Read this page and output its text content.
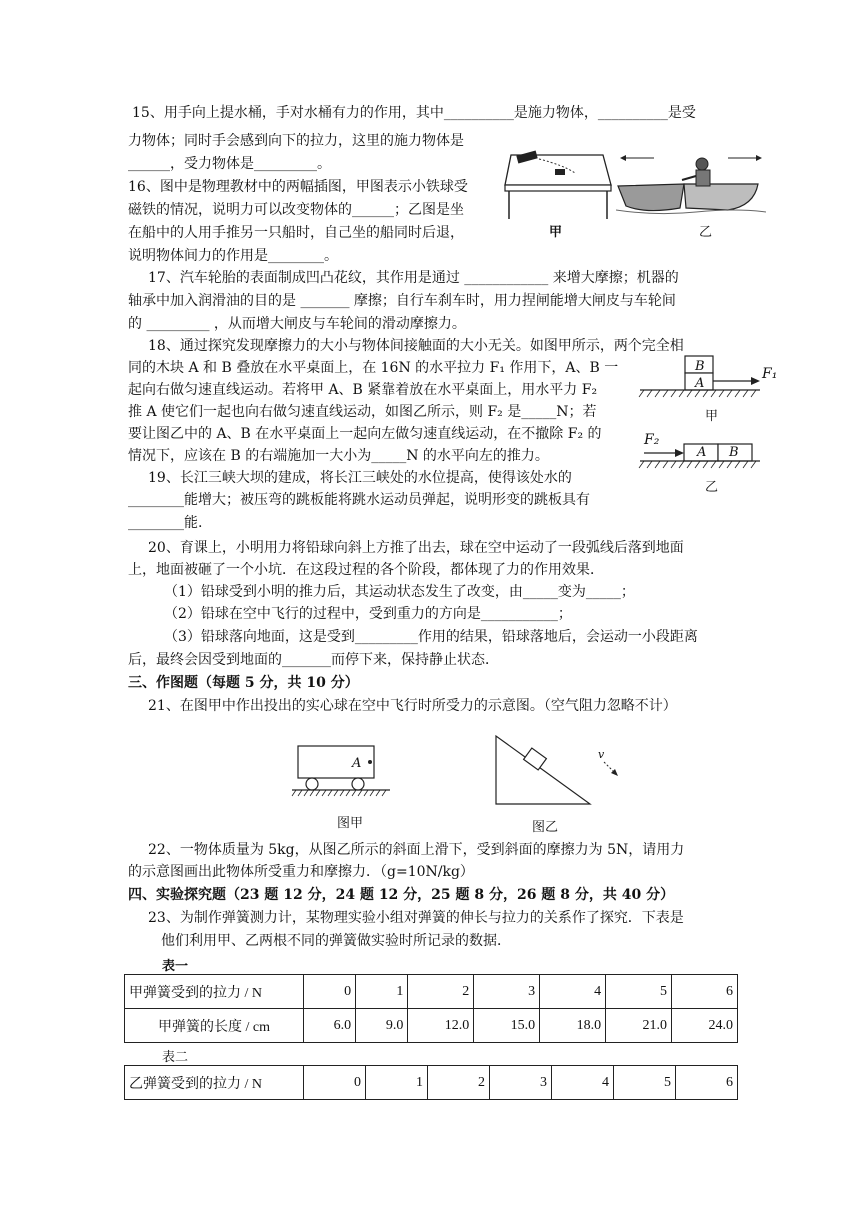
15、用手向上提水桶，手对水桶有力的作用，其中__________是施力物体，__________是受
力物体；同时手会感到向下的拉力，这里的施力物体是
______，受力物体是_________。
16、图中是物理教材中的两幅插图，甲图表示小铁球受
磁铁的情况，说明力可以改变物体的______；乙图是坐
在船中的人用手推另一只船时，自己坐的船同时后退，
说明物体间力的作用是________。
甲	乙
17、汽车轮胎的表面制成凹凸花纹，其作用是通过 ____________ 来增大摩擦；机器的
轴承中加入润滑油的目的是 _______ 摩擦；自行车刹车时，用力捏闸能增大闸皮与车轮间
的 _________ ，从而增大闸皮与车轮间的滑动摩擦力。
18、通过探究发现摩擦力的大小与物体间接触面的大小无关。如图甲所示，两个完全相
同的木块 A 和 B 叠放在水平桌面上，在 16N 的水平拉力 F₁ 作用下，A、B 一
起向右做匀速直线运动。若将甲 A、B 紧靠着放在水平桌面上，用水平力 F₂
推 A 使它们一起也向右做匀速直线运动，如图乙所示，则 F₂ 是_____N；若
要让图乙中的 A、B 在水平桌面上一起向左做匀速直线运动，在不撤除 F₂ 的
情况下，应该在 B 的右端施加一大小为_____N 的水平向左的推力。
B
A
F₁
甲
F₂
A B
乙
19、长江三峡大坝的建成，将长江三峡处的水位提高，使得该处水的
________能增大；被压弯的跳板能将跳水运动员弹起，说明形变的跳板具有
________能.
20、育课上，小明用力将铅球向斜上方推了出去，球在空中运动了一段弧线后落到地面
上，地面被砸了一个小坑．在这段过程的各个阶段，都体现了力的作用效果．
（1）铅球受到小明的推力后，其运动状态发生了改变，由_____变为_____；
（2）铅球在空中飞行的过程中，受到重力的方向是___________；
（3）铅球落向地面，这是受到_________作用的结果，铅球落地后，会运动一小段距离
后，最终会因受到地面的_______而停下来，保持静止状态．
三、作图题（每题 5 分，共 10 分）
21、在图甲中作出投出的实心球在空中飞行时所受力的示意图。（空气阻力忽略不计）
A
图甲
v
图乙
22、一物体质量为 5kg，从图乙所示的斜面上滑下，受到斜面的摩擦力为 5N，请用力
的示意图画出此物体所受重力和摩擦力．（g=10N/kg）
四、实验探究题（23 题 12 分，24 题 12 分，25 题 8 分，26 题 8 分，共 40 分）
23、为制作弹簧测力计，某物理实验小组对弹簧的伸长与拉力的关系作了探究．下表是
他们利用甲、乙两根不同的弹簧做实验时所记录的数据．
表一
甲弹簧受到的拉力 / N	0	1	2	3	4	5	6
甲弹簧的长度 / cm	6.0	9.0	12.0	15.0	18.0	21.0	24.0
表二
乙弹簧受到的拉力 / N	0	1	2	3	4	5	6
